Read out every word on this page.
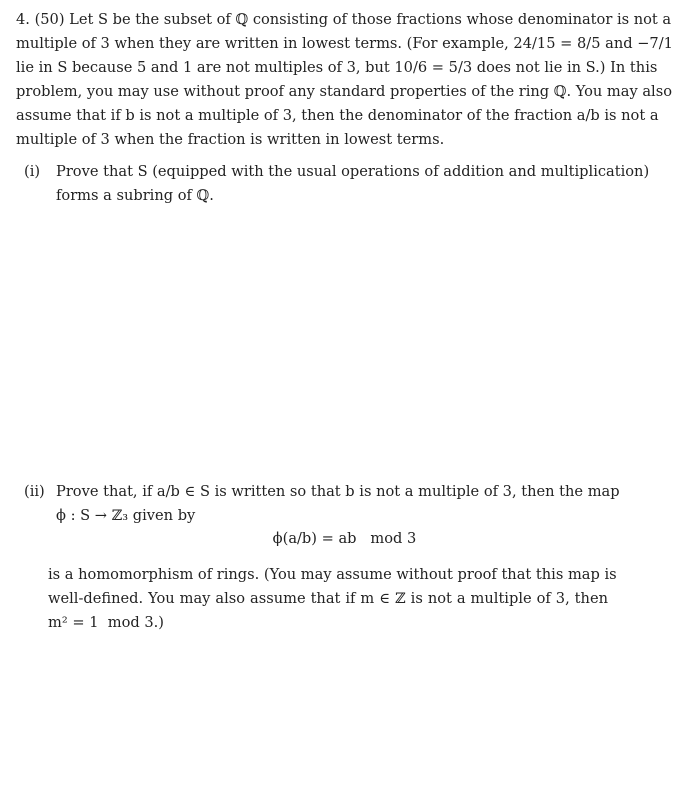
4. (50) Let S be the subset of ℚ consisting of those fractions whose denominator is not a
multiple of 3 when they are written in lowest terms. (For example, 24/15 = 8/5 and −7/1
lie in S because 5 and 1 are not multiples of 3, but 10/6 = 5/3 does not lie in S.) In this
problem, you may use without proof any standard properties of the ring ℚ. You may also
assume that if b is not a multiple of 3, then the denominator of the fraction a/b is not a
multiple of 3 when the fraction is written in lowest terms.
(i) Prove that S (equipped with the usual operations of addition and multiplication)
forms a subring of ℚ.
(ii) Prove that, if a/b ∈ S is written so that b is not a multiple of 3, then the map
ϕ : S → ℤ₃ given by
ϕ(a/b) = ab   mod 3
is a homomorphism of rings. (You may assume without proof that this map is
well-defined. You may also assume that if m ∈ ℤ is not a multiple of 3, then
m² = 1  mod 3.)
